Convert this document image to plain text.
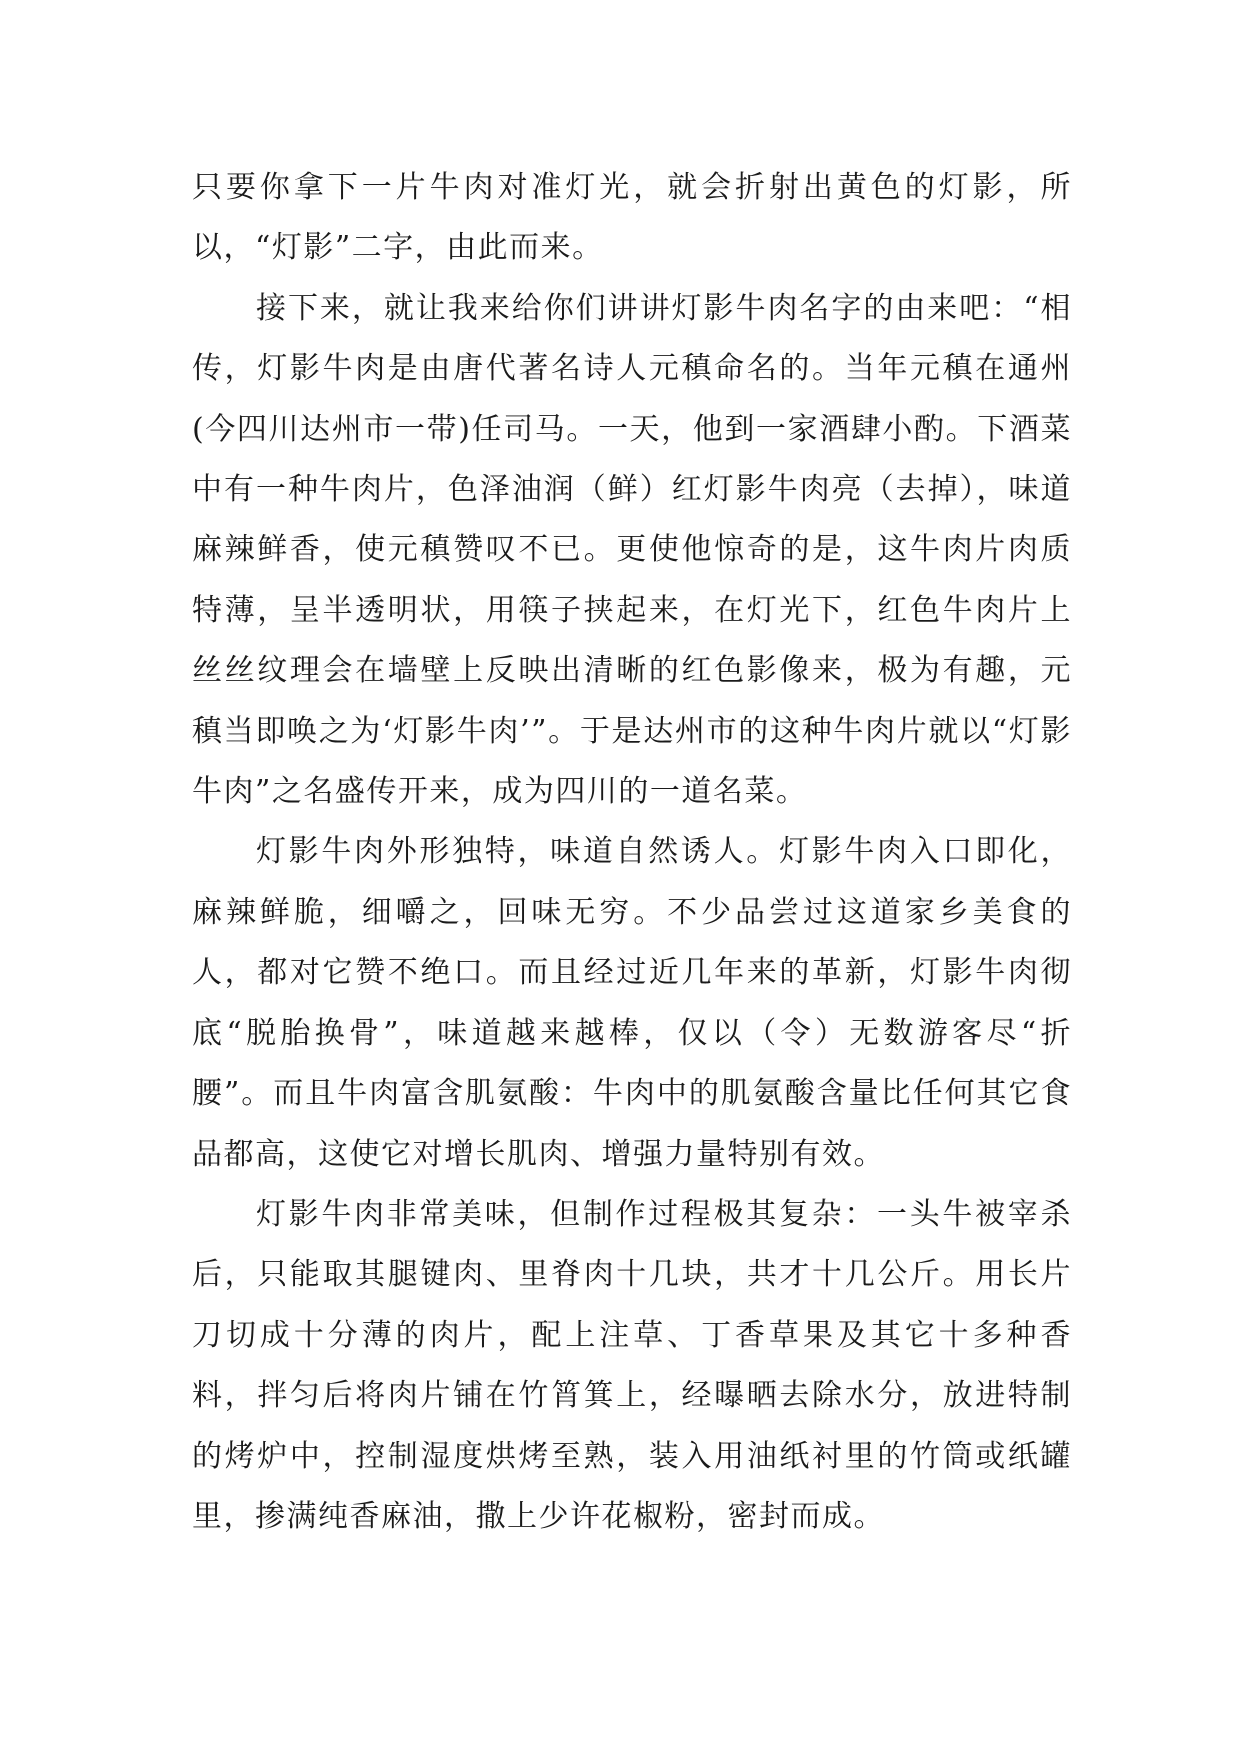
只要你拿下一片牛肉对准灯光，就会折射出黄色的灯影，所以，“灯影”二字，由此而来。

接下来，就让我来给你们讲讲灯影牛肉名字的由来吧：“相传，灯影牛肉是由唐代著名诗人元稹命名的。当年元稹在通州(今四川达州市一带)任司马。一天，他到一家酒肆小酌。下酒菜中有一种牛肉片，色泽油润（鲜）红灯影牛肉亮（去掉），味道麻辣鲜香，使元稹赞叹不已。更使他惊奇的是，这牛肉片肉质特薄，呈半透明状，用筷子挟起来，在灯光下，红色牛肉片上丝丝纹理会在墙壁上反映出清晰的红色影像来，极为有趣，元稹当即唤之为‘灯影牛肉’”。于是达州市的这种牛肉片就以“灯影牛肉”之名盛传开来，成为四川的一道名菜。

灯影牛肉外形独特，味道自然诱人。灯影牛肉入口即化，麻辣鲜脆，细嚼之，回味无穷。不少品尝过这道家乡美食的人，都对它赞不绝口。而且经过近几年来的革新，灯影牛肉彻底“脱胎换骨”，味道越来越棒，仅以（令）无数游客尽“折腰”。而且牛肉富含肌氨酸：牛肉中的肌氨酸含量比任何其它食品都高，这使它对增长肌肉、增强力量特别有效。

灯影牛肉非常美味，但制作过程极其复杂：一头牛被宰杀后，只能取其腿键肉、里脊肉十几块，共才十几公斤。用长片刀切成十分薄的肉片，配上注草、丁香草果及其它十多种香料，拌匀后将肉片铺在竹筲箕上，经曝晒去除水分，放进特制的烤炉中，控制湿度烘烤至熟，装入用油纸衬里的竹筒或纸罐里，掺满纯香麻油，撒上少许花椒粉，密封而成。
